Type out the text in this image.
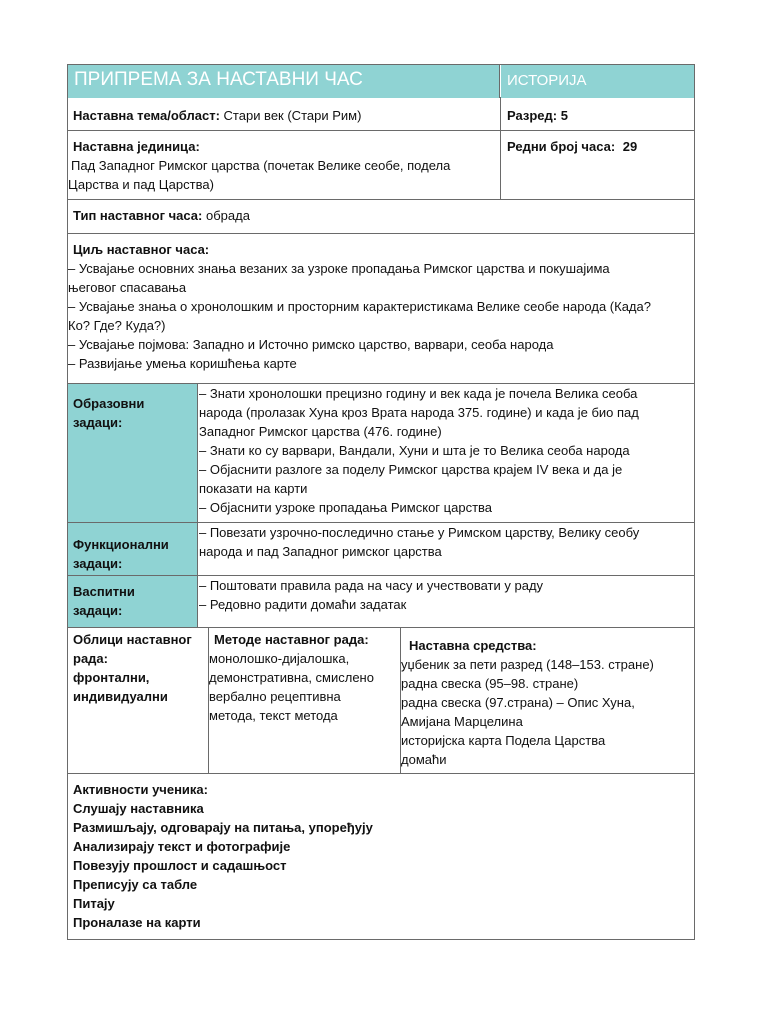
ПРИПРЕМА ЗА НАСТАВНИ ЧАС	ИСТОРИЈА
Наставна тема/област: Стари век (Стари Рим)	Разред: 5

Наставна јединица:

Пад Западног Римског царства (почетак Велике сеобе, подела

Царства и пад Царства)

Редни број часа: 29
Тип наставног часа: обрада

Циљ наставног часа:

– Усвајање основних знања везаних за узроке пропадања Римског царства и покушајима

његовог спасавања

– Усвајање знања о хронолошким и просторним карактеристикама Велике сеобе народа (Када?

Ко? Где? Куда?)

– Усвајање појмова: Западно и Источно римско царство, варвари, сеоба народа

– Развијање умења коришћења карте

Образовни

задаци:

– Знати хронолошки прецизно годину и век када је почела Велика сеоба

народа (пролазак Хуна кроз Врата народа 375. године) и када је био пад

Западног Римског царства (476. године)

– Знати ко су варвари, Вандали, Хуни и шта је то Велика сеоба народа

– Објаснити разлоге за поделу Римског царства крајем IV века и да је

показати на карти

– Објаснити узроке пропадања Римског царства

Функционални

задаци:

– Повезати узрочно-последично стање у Римском царству, Велику сеобу

народа и пад Западног римског царства

Васпитни

задаци:

– Поштовати правила рада на часу и учествовати у раду

– Редовно радити домаћи задатак

Облици наставног

рада:

фронтални,

индивидуални

Методе наставног рада:

монолошко-дијалошка,

демонстративна, смислено

вербално рецептивна

метода, текст метода

Наставна средства:

уџбеник за пети разред (148–153. стране)

радна свеска (95–98. стране)

радна свеска (97.страна) – Опис Хуна,

Амијана Марцелина

историјска карта Подела Царства

домаћи

Активности ученика:

Слушају наставника

Размишљају, одговарају на питања, упоређују

Анализирају текст и фотографије

Повезују прошлост и садашњост

Преписују са табле

Питају

Проналазе на карти
